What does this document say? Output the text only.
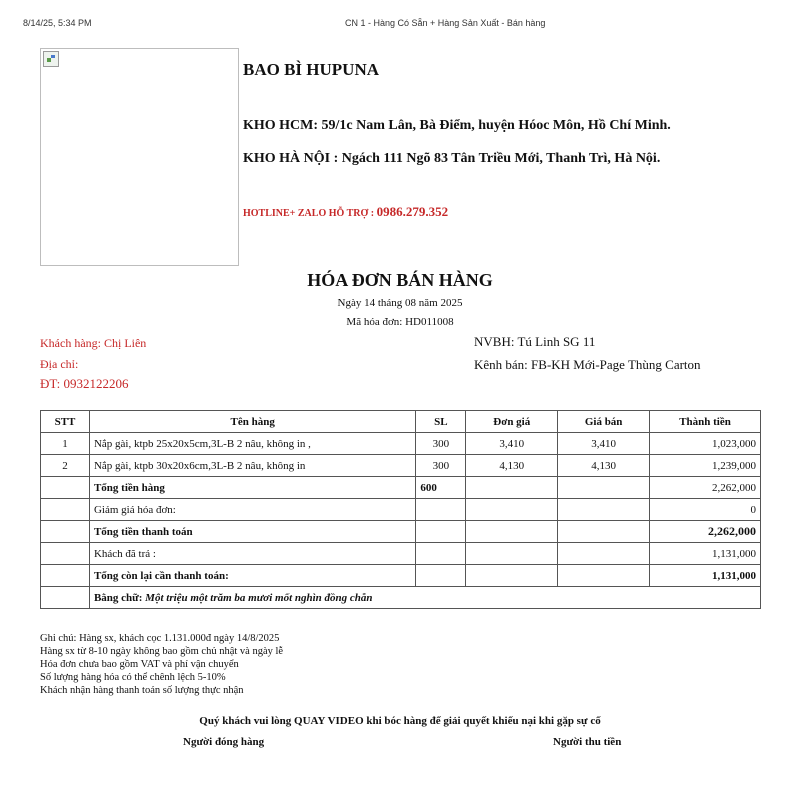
8/14/25, 5:34 PM	CN 1 - Hàng Có Sẵn + Hàng Sản Xuất - Bán hàng
BAO BÌ HUPUNA
KHO HCM: 59/1c Nam Lân, Bà Điểm, huyện Hóoc Môn, Hồ Chí Minh.
KHO HÀ NỘI : Ngách 111 Ngõ 83 Tân Triều Mới, Thanh Trì, Hà Nội.
HOTLINE+ ZALO HỖ TRỢ : 0986.279.352
HÓA ĐƠN BÁN HÀNG
Ngày 14 tháng 08 năm 2025
Mã hóa đơn: HD011008
Khách hàng: Chị Liên
Địa chỉ:
ĐT: 0932122206
NVBH: Tú Linh SG 11
Kênh bán: FB-KH Mới-Page Thùng Carton
STT	Tên hàng	SL	Đơn giá	Giá bán	Thành tiền
1	Nắp gài, ktpb 25x20x5cm,3L-B 2 nâu, không in ,	300	3,410	3,410	1,023,000
2	Nắp gài, ktpb 30x20x6cm,3L-B 2 nâu, không in	300	4,130	4,130	1,239,000
	Tổng tiền hàng	600			2,262,000
	Giảm giá hóa đơn:				0
	Tổng tiền thanh toán				2,262,000
	Khách đã trả :				1,131,000
	Tổng còn lại cần thanh toán:				1,131,000
	Bằng chữ: Một triệu một trăm ba mươi mốt nghìn đồng chẵn				
Ghi chú: Hàng sx, khách cọc 1.131.000đ ngày 14/8/2025
Hàng sx từ 8-10 ngày không bao gồm chủ nhật và ngày lễ
Hóa đơn chưa bao gồm VAT và phí vận chuyển
Số lượng hàng hóa có thể chênh lệch 5-10%
Khách nhận hàng thanh toán số lượng thực nhận
Quý khách vui lòng QUAY VIDEO khi bóc hàng để giải quyết khiếu nại khi gặp sự cố
Người đóng hàng	Người thu tiền
